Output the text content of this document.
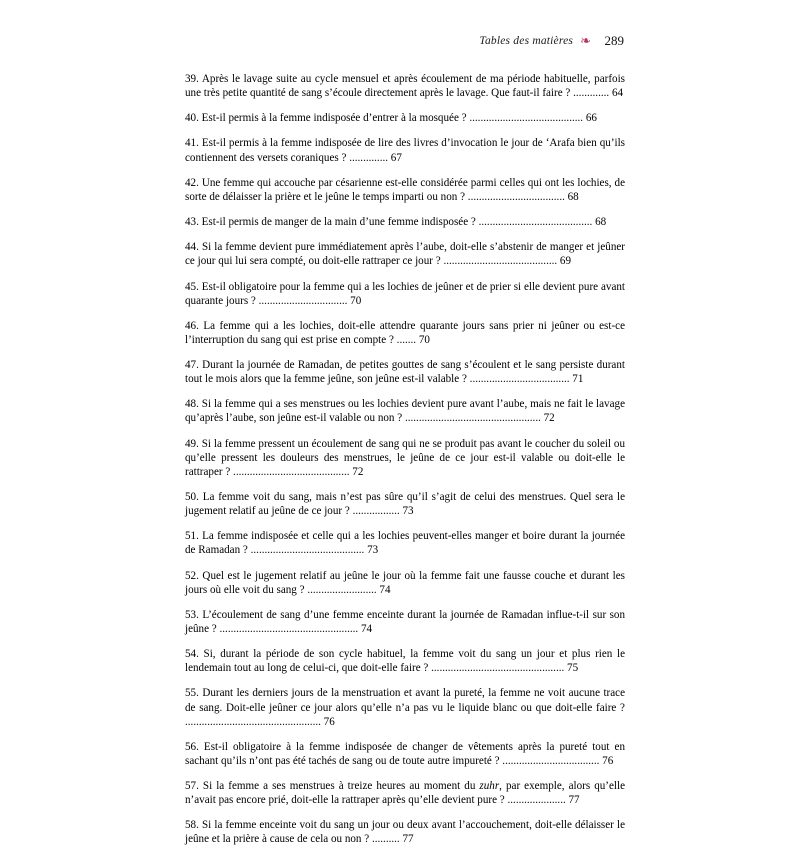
Tables des matières ❧	289

39. Après le lavage suite au cycle mensuel et après écoulement de ma période habituelle, parfois une très petite quantité de sang s’écoule directement après le lavage. Que faut-il faire ? ............. 64

40. Est-il permis à la femme indisposée d’entrer à la mosquée ? ......................................... 66

41. Est-il permis à la femme indisposée de lire des livres d’invocation le jour de ‘Arafa bien qu’ils contiennent des versets coraniques ? .............. 67

42. Une femme qui accouche par césarienne est-elle considérée parmi celles qui ont les lochies, de sorte de délaisser la prière et le jeûne le temps imparti ou non ? ................................... 68

43. Est-il permis de manger de la main d’une femme indisposée ? ......................................... 68

44. Si la femme devient pure immédiatement après l’aube, doit-elle s’abstenir de manger et jeûner ce jour qui lui sera compté, ou doit-elle rattraper ce jour ? ......................................... 69

45. Est-il obligatoire pour la femme qui a les lochies de jeûner et de prier si elle devient pure avant quarante jours ? ................................ 70

46. La femme qui a les lochies, doit-elle attendre quarante jours sans prier ni jeûner ou est-ce l’interruption du sang qui est prise en compte ? ....... 70

47. Durant la journée de Ramadan, de petites gouttes de sang s’écoulent et le sang persiste durant tout le mois alors que la femme jeûne, son jeûne est-il valable ? .................................... 71

48. Si la femme qui a ses menstrues ou les lochies devient pure avant l’aube, mais ne fait le lavage qu’après l’aube, son jeûne est-il valable ou non ? ................................................. 72

49. Si la femme pressent un écoulement de sang qui ne se produit pas avant le coucher du soleil ou qu’elle pressent les douleurs des menstrues, le jeûne de ce jour est-il valable ou doit-elle le rattraper ? .......................................... 72

50. La femme voit du sang, mais n’est pas sûre qu’il s’agit de celui des menstrues. Quel sera le jugement relatif au jeûne de ce jour ? ................. 73

51. La femme indisposée et celle qui a les lochies peuvent-elles manger et boire durant la journée de Ramadan ? ......................................... 73

52. Quel est le jugement relatif au jeûne le jour où la femme fait une fausse couche et durant les jours où elle voit du sang ? ......................... 74

53. L’écoulement de sang d’une femme enceinte durant la journée de Ramadan influe-t-il sur son jeûne ? .................................................. 74

54. Si, durant la période de son cycle habituel, la femme voit du sang un jour et plus rien le lendemain tout au long de celui-ci, que doit-elle faire ? ................................................ 75

55. Durant les derniers jours de la menstruation et avant la pureté, la femme ne voit aucune trace de sang. Doit-elle jeûner ce jour alors qu’elle n’a pas vu le liquide blanc ou que doit-elle faire ? ................................................. 76

56. Est-il obligatoire à la femme indisposée de changer de vêtements après la pureté tout en sachant qu’ils n’ont pas été tachés de sang ou de toute autre impureté ? ................................... 76

57. Si la femme a ses menstrues à treize heures au moment du zuhr, par exemple, alors qu’elle n’avait pas encore prié, doit-elle la rattraper après qu’elle devient pure ? ..................... 77

58. Si la femme enceinte voit du sang un jour ou deux avant l’accouchement, doit-elle délaisser le jeûne et la prière à cause de cela ou non ? .......... 77
